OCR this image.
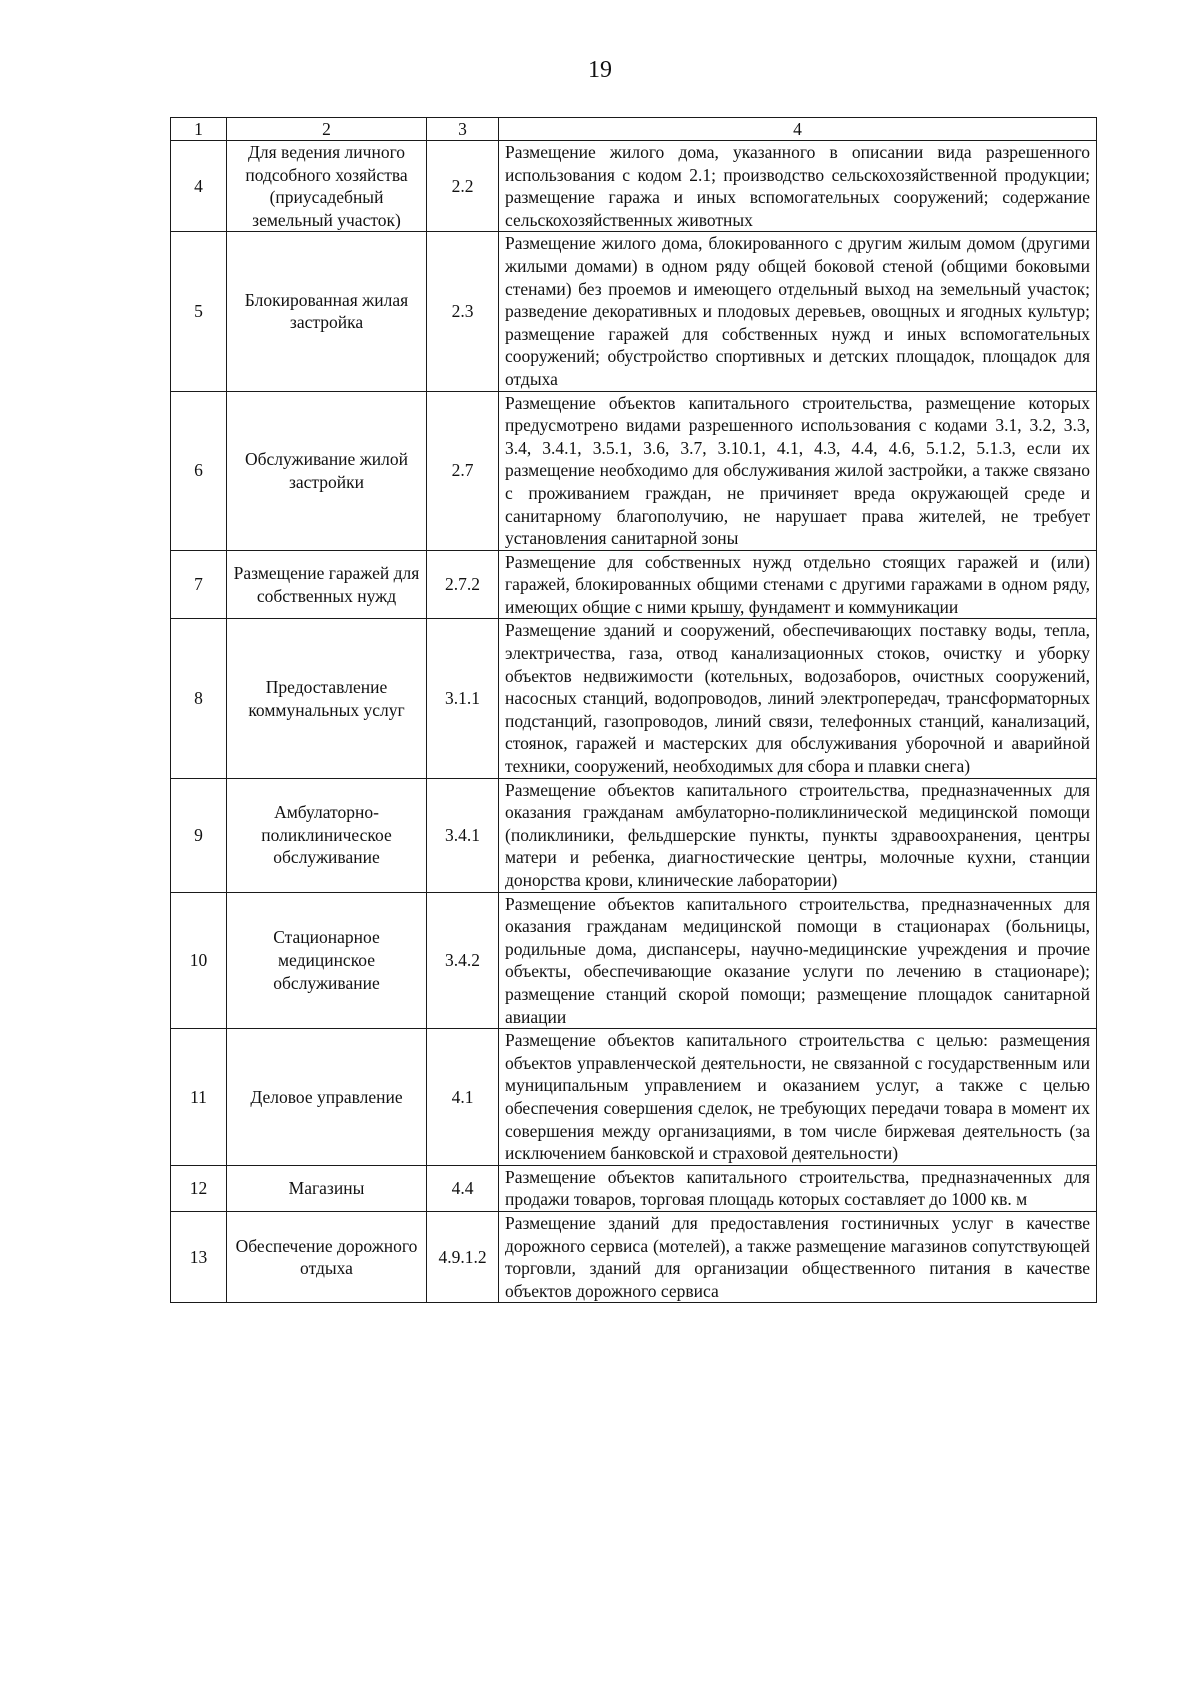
19
1	2	3	4
4	Для ведения личного подсобного хозяйства (приусадебный земельный участок)	2.2	Размещение жилого дома, указанного в описании вида разрешенного использования с кодом 2.1; производство сельскохозяйственной продукции; размещение гаража и иных вспомогательных сооружений; содержание сельскохозяйственных животных
5	Блокированная жилая застройка	2.3	Размещение жилого дома, блокированного с другим жилым домом (другими жилыми домами) в одном ряду общей боковой стеной (общими боковыми стенами) без проемов и имеющего отдельный выход на земельный участок; разведение декоративных и плодовых деревьев, овощных и ягодных культур; размещение гаражей для собственных нужд и иных вспомогательных сооружений; обустройство спортивных и детских площадок, площадок для отдыха
6	Обслуживание жилой застройки	2.7	Размещение объектов капитального строительства, размещение которых предусмотрено видами разрешенного использования с кодами 3.1, 3.2, 3.3, 3.4, 3.4.1, 3.5.1, 3.6, 3.7, 3.10.1, 4.1, 4.3, 4.4, 4.6, 5.1.2, 5.1.3, если их размещение необходимо для обслуживания жилой застройки, а также связано с проживанием граждан, не причиняет вреда окружающей среде и санитарному благополучию, не нарушает права жителей, не требует установления санитарной зоны
7	Размещение гаражей для собственных нужд	2.7.2	Размещение для собственных нужд отдельно стоящих гаражей и (или) гаражей, блокированных общими стенами с другими гаражами в одном ряду, имеющих общие с ними крышу, фундамент и коммуникации
8	Предоставление коммунальных услуг	3.1.1	Размещение зданий и сооружений, обеспечивающих поставку воды, тепла, электричества, газа, отвод канализационных стоков, очистку и уборку объектов недвижимости (котельных, водозаборов, очистных сооружений, насосных станций, водопроводов, линий электропередач, трансформаторных подстанций, газопроводов, линий связи, телефонных станций, канализаций, стоянок, гаражей и мастерских для обслуживания уборочной и аварийной техники, сооружений, необходимых для сбора и плавки снега)
9	Амбулаторно-поликлиническое обслуживание	3.4.1	Размещение объектов капитального строительства, предназначенных для оказания гражданам амбулаторно-поликлинической медицинской помощи (поликлиники, фельдшерские пункты, пункты здравоохранения, центры матери и ребенка, диагностические центры, молочные кухни, станции донорства крови, клинические лаборатории)
10	Стационарное медицинское обслуживание	3.4.2	Размещение объектов капитального строительства, предназначенных для оказания гражданам медицинской помощи в стационарах (больницы, родильные дома, диспансеры, научно-медицинские учреждения и прочие объекты, обеспечивающие оказание услуги по лечению в стационаре); размещение станций скорой помощи; размещение площадок санитарной авиации
11	Деловое управление	4.1	Размещение объектов капитального строительства с целью: размещения объектов управленческой деятельности, не связанной с государственным или муниципальным управлением и оказанием услуг, а также с целью обеспечения совершения сделок, не требующих передачи товара в момент их совершения между организациями, в том числе биржевая деятельность (за исключением банковской и страховой деятельности)
12	Магазины	4.4	Размещение объектов капитального строительства, предназначенных для продажи товаров, торговая площадь которых составляет до 1000 кв. м
13	Обеспечение дорожного отдыха	4.9.1.2	Размещение зданий для предоставления гостиничных услуг в качестве дорожного сервиса (мотелей), а также размещение магазинов сопутствующей торговли, зданий для организации общественного питания в качестве объектов дорожного сервиса
